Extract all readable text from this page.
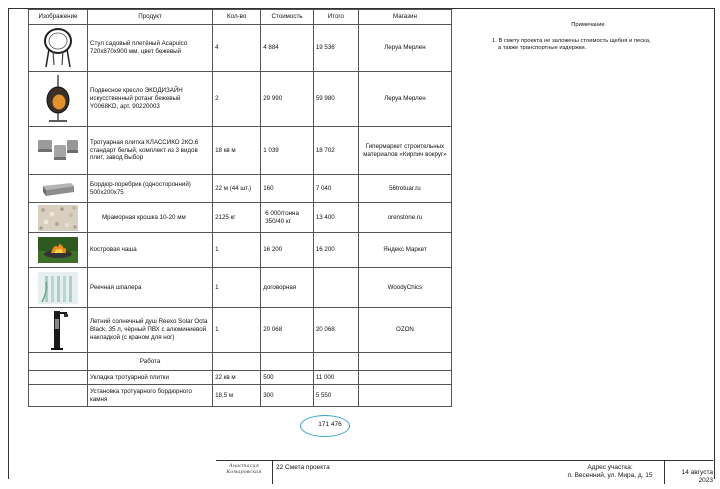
Изображение	Продукт	Кол-во	Стоимость	Итого	Магазин

	Стул садовый плетёный Acapulco 720x870x900 мм, цвет бежевый	4	4 884	19 536	Леруа Мерлен

	Подвесное кресло ЭКОДИЗАЙН искусственный ротанг бежевый Y0068KD, арт. 90220003	2	29 990	59 980	Леруа Мерлен

	Тротуарная плитка КЛАССИКО 2КО.6 стандарт белый, комплект из 3 видов плит, завод Выбор	18 кв м	1 039	18 702	Гипермаркет строительных материалов «Кирпич вокруг»

	Бордюр-поребрик (односторонний) 500х200х75	22 м (44 шт.)	160	7 040	56trotuar.ru

	Мраморная крошка 10-20 мм	2125 кг	6 000/тонна 350/40 кг	13 400	orenstone.ru

	Костровая чаша	1	16 200	16 200	Яндекс Маркет

	Реечная шпалера	1	договорная		WoodyChics

	Летний солнечный душ Reexo Solar Octa Black, 35 л, чёрный ПВХ с алюминиевой накладкой (с краном для ног)	1	20 068	20 068	OZON
	Работа				
	Укладка тротуарной плитки	22 кв м	500	11 000	
	Установка тротуарного бордюрного камня	18,5 м	300	5 550	
171 476
Примечание
1. В смету проекта не заложены стоимость щебня и песка,
а также транспортные издержки.
Анастасия
Комаровская
22 Смета проекта	Адрес участка:
п. Весенний, ул. Мира, д. 15	14 августа 2023
